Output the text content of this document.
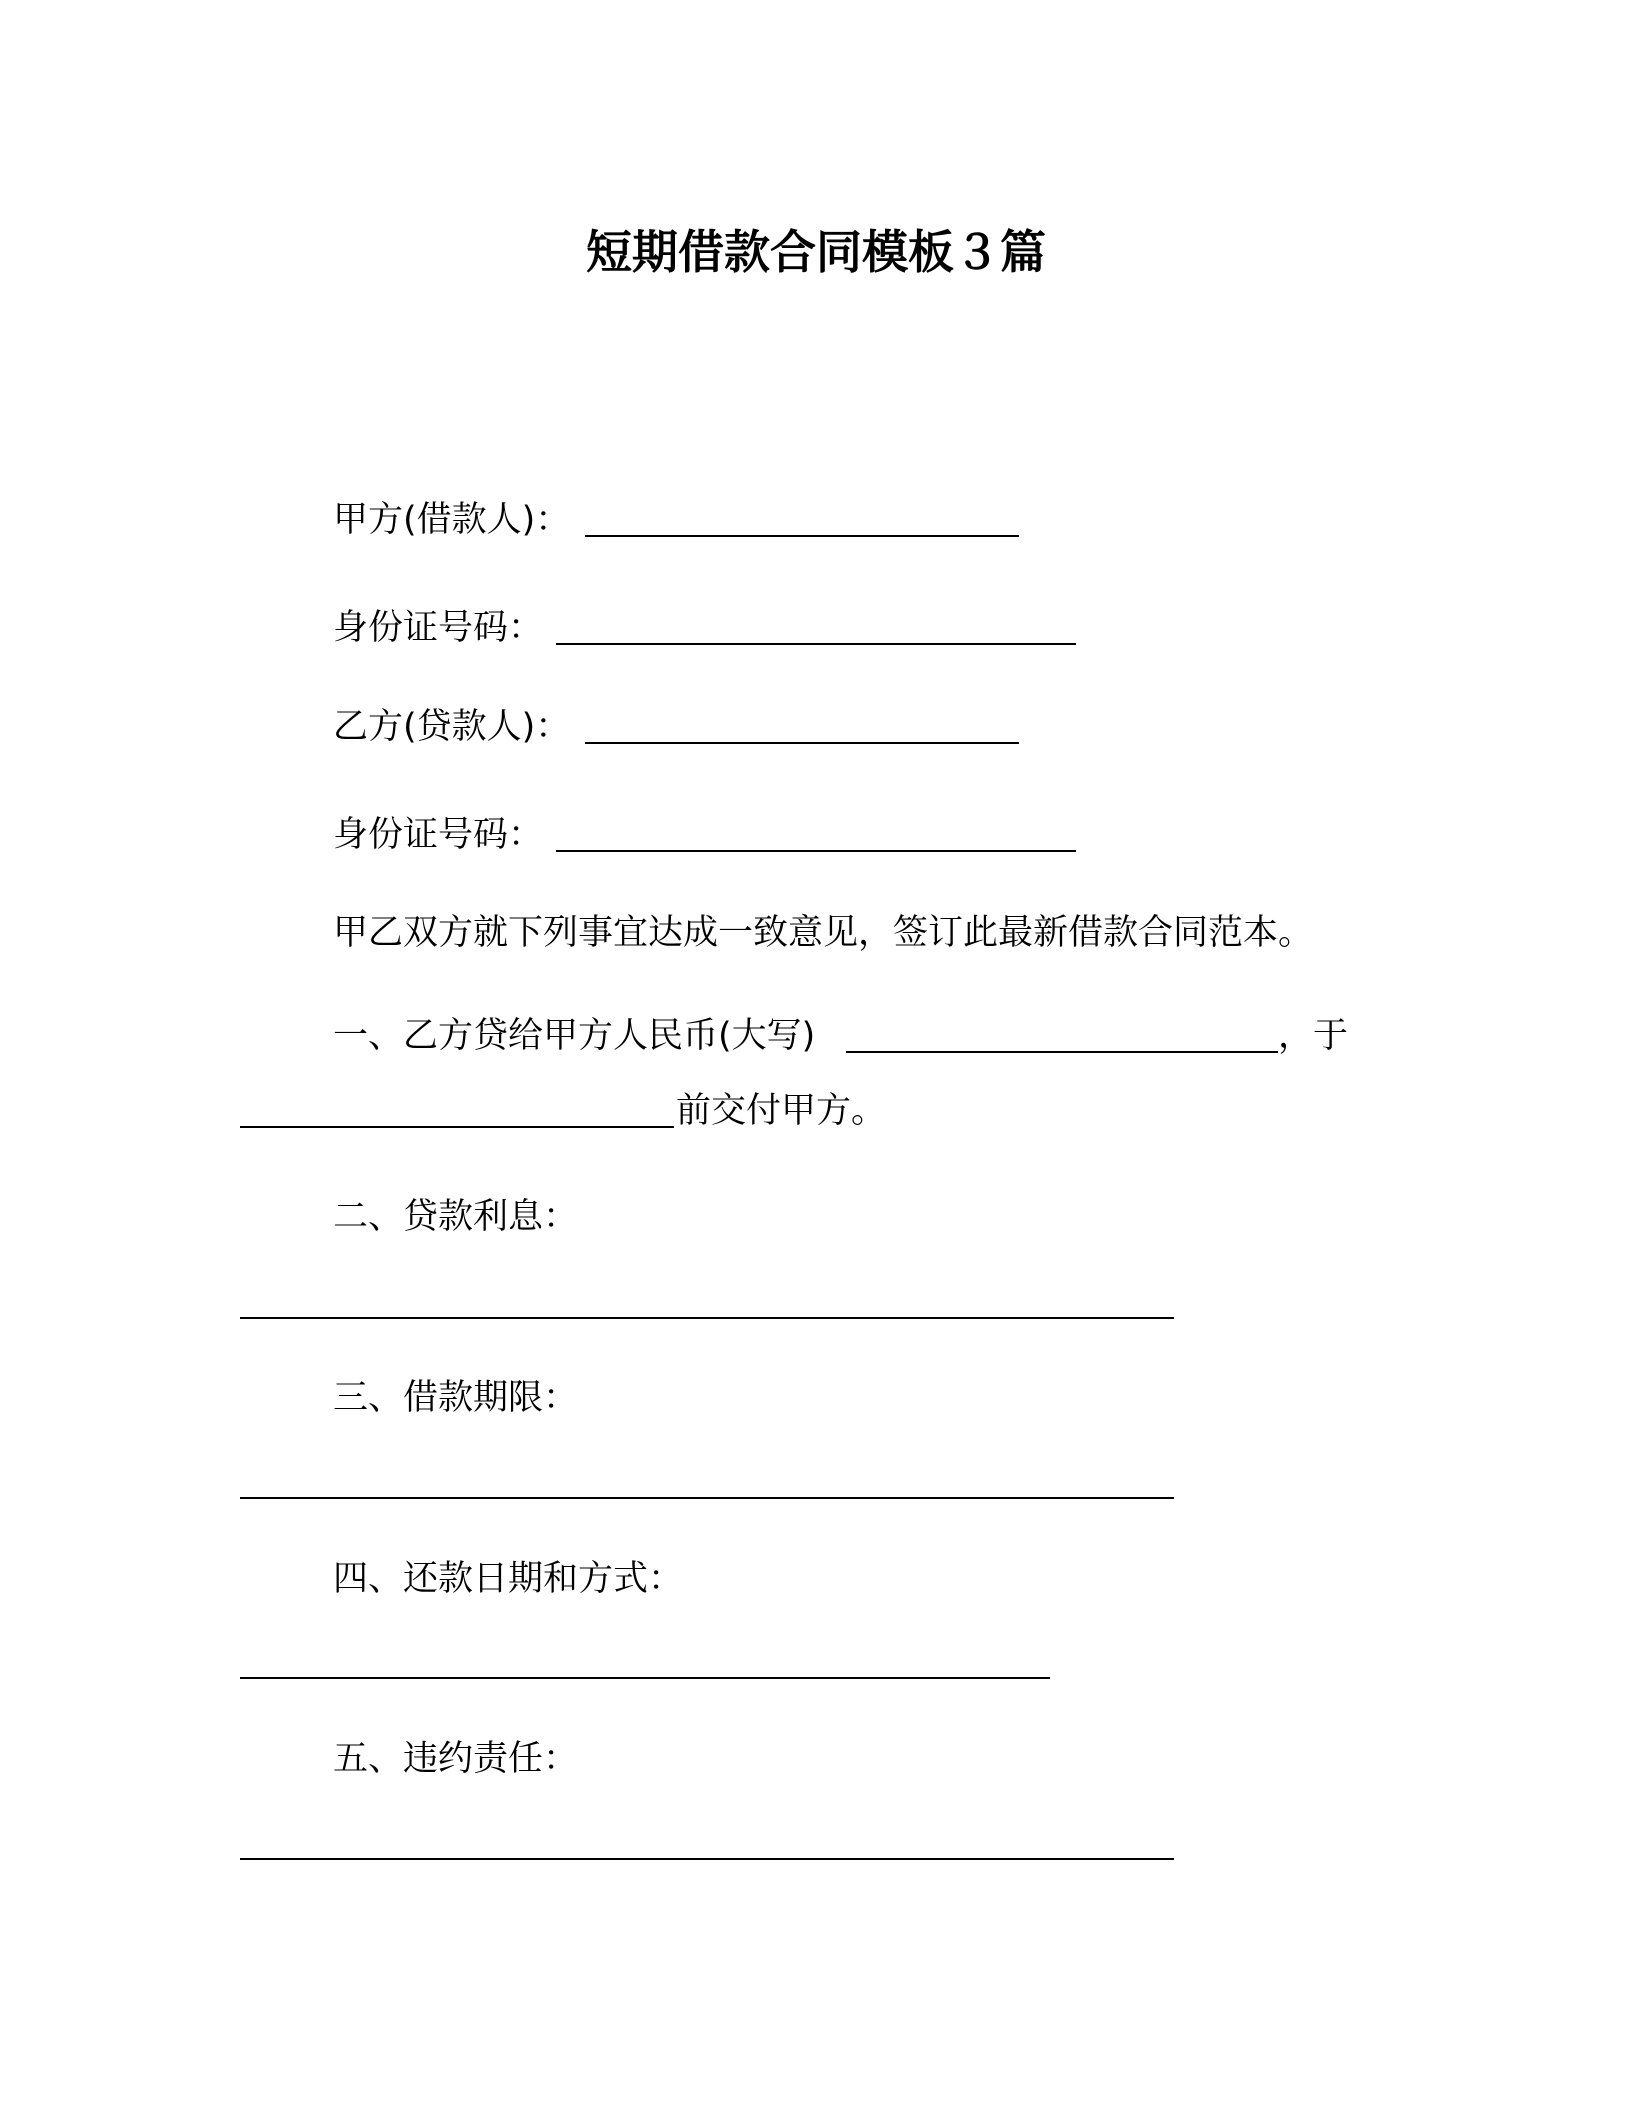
短期借款合同模板３篇
甲方(借款人)：
身份证号码：
乙方(贷款人)：
身份证号码：
甲乙双方就下列事宜达成一致意见，签订此最新借款合同范本。
一、乙方贷给甲方人民币(大写)	，于
前交付甲方。
二、贷款利息：
三、借款期限：
四、还款日期和方式：
五、违约责任：
